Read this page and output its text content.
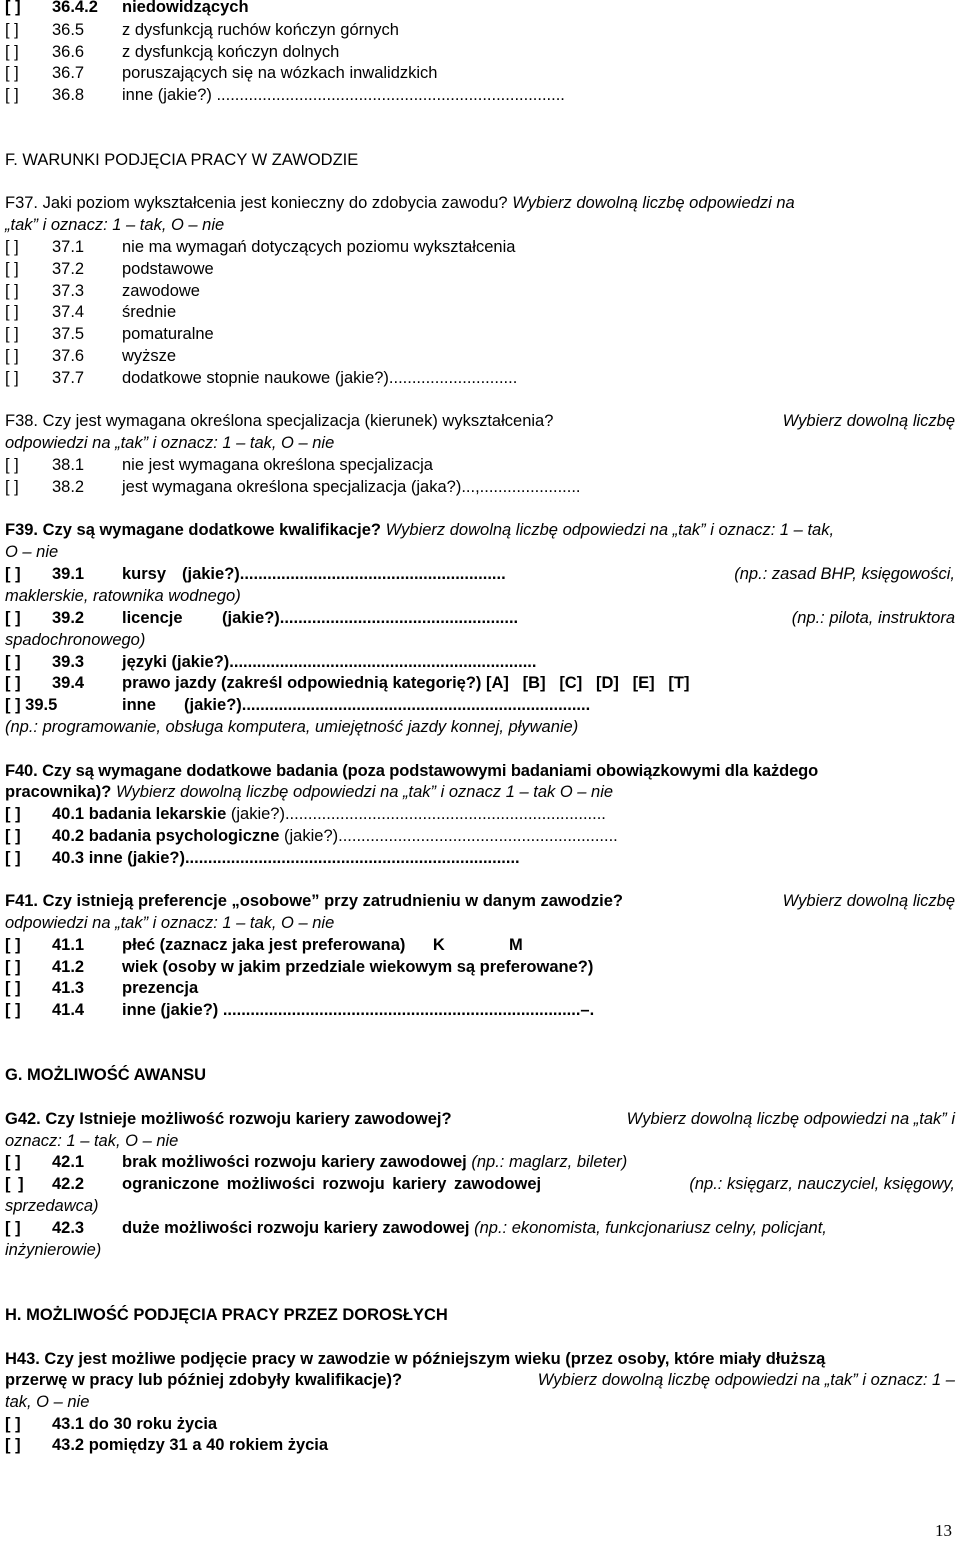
[ ] 36.4.2 niedowidzących
[ ] 36.5 z dysfunkcją ruchów kończyn górnych
[ ] 36.6 z dysfunkcją kończyn dolnych
[ ] 36.7 poruszających się na wózkach inwalidzkich
[ ] 36.8 inne (jakie?) ............................................................................
F. WARUNKI PODJĘCIA PRACY W ZAWODZIE
F37. Jaki poziom wykształcenia jest konieczny do zdobycia zawodu? Wybierz dowolną liczbę odpowiedzi na
„tak” i oznacz: 1 – tak, O – nie
[ ] 37.1 nie ma wymagań dotyczących poziomu wykształcenia
[ ] 37.2 podstawowe
[ ] 37.3 zawodowe
[ ] 37.4 średnie
[ ] 37.5 pomaturalne
[ ] 37.6 wyższe
[ ] 37.7 dodatkowe stopnie naukowe (jakie?)............................
F38. Czy jest wymagana określona specjalizacja (kierunek) wykształcenia?	Wybierz dowolną liczbę
odpowiedzi na „tak” i oznacz: 1 – tak, O – nie
[ ] 38.1 nie jest wymagana określona specjalizacja
[ ] 38.2 jest wymagana określona specjalizacja (jaka?)...,......................
F39. Czy są wymagane dodatkowe kwalifikacje? Wybierz dowolną liczbę odpowiedzi na „tak” i oznacz: 1 – tak,
O – nie
[ ] 39.1 kursy (jakie?)..........................................................	(np.: zasad BHP, księgowości,
maklerskie, ratownika wodnego)
[ ] 39.2 licencje (jakie?)....................................................	(np.: pilota, instruktora
spadochronowego)
[ ] 39.3 języki (jakie?)...................................................................
[ ] 39.4 prawo jazdy (zakreśl odpowiednią kategorię?) [A]   [B]   [C]   [D]   [E]   [T]
[ ] 39.5	inne (jakie?)............................................................................
(np.: programowanie, obsługa komputera, umiejętność jazdy konnej, pływanie)
F40. Czy są wymagane dodatkowe badania (poza podstawowymi badaniami obowiązkowymi dla każdego
pracownika)? Wybierz dowolną liczbę odpowiedzi na „tak” i oznacz 1 – tak O – nie
[ ] 40.1 badania lekarskie (jakie?)......................................................................
[ ] 40.2 badania psychologiczne (jakie?).............................................................
[ ] 40.3 inne (jakie?).........................................................................
F41. Czy istnieją preferencje „osobowe” przy zatrudnieniu w danym zawodzie?	Wybierz dowolną liczbę
odpowiedzi na „tak” i oznacz: 1 – tak, O – nie
[ ] 41.1 płeć (zaznacz jaka jest preferowana)      K              M
[ ] 41.2 wiek (osoby w jakim przedziale wiekowym są preferowane?)
[ ] 41.3 prezencja
[ ] 41.4 inne (jakie?) ..............................................................................–.
G. MOŻLIWOŚĆ AWANSU
G42. Czy Istnieje możliwość rozwoju kariery zawodowej?	Wybierz dowolną liczbę odpowiedzi na „tak” i
oznacz: 1 – tak, O – nie
[ ] 42.1 brak możliwości rozwoju kariery zawodowej (np.: maglarz, bileter)
[ ] 42.2 ograniczone możliwości rozwoju kariery zawodowej	(np.: księgarz, nauczyciel, księgowy,
sprzedawca)
[ ] 42.3 duże możliwości rozwoju kariery zawodowej (np.: ekonomista, funkcjonariusz celny, policjant,
inżynierowie)
H. MOŻLIWOŚĆ PODJĘCIA PRACY PRZEZ DOROSŁYCH
H43. Czy jest możliwe podjęcie pracy w zawodzie w późniejszym wieku (przez osoby, które miały dłuższą
przerwę w pracy lub później zdobyły kwalifikacje)?	Wybierz dowolną liczbę odpowiedzi na „tak” i oznacz: 1 –
tak, O – nie
[ ] 43.1 do 30 roku życia
[ ] 43.2 pomiędzy 31 a 40 rokiem życia
13
